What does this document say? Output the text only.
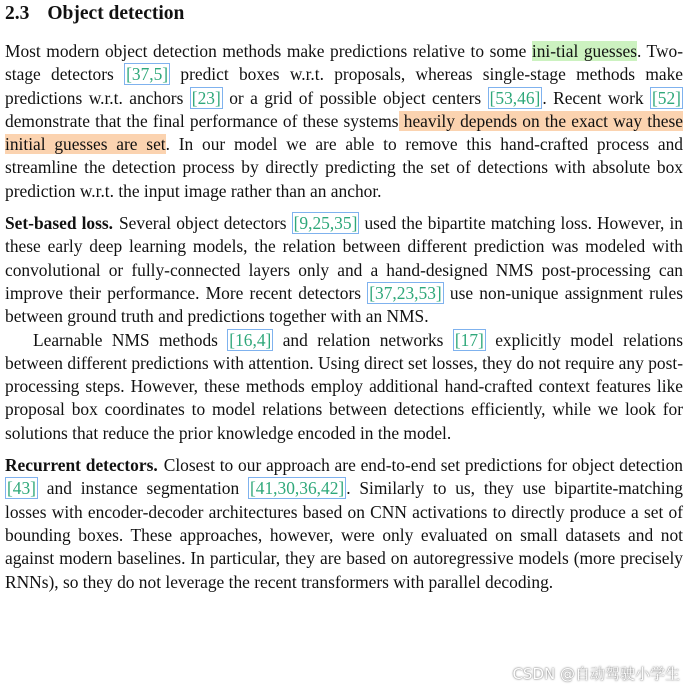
2.3 Object detection

Most modern object detection methods make predictions relative to some ini-tial guesses. Two-stage detectors [37,5] predict boxes w.r.t. proposals, whereas single-stage methods make predictions w.r.t. anchors [23] or a grid of possible object centers [53,46] . Recent work [52] demonstrate that the final performance of these systems heavily depends on the exact way these initial guesses are set. In our model we are able to remove this hand-crafted process and streamline the detection process by directly predicting the set of detections with absolute box prediction w.r.t. the input image rather than an anchor.

Set-based loss. Several object detectors [9,25,35] used the bipartite matching loss. However, in these early deep learning models, the relation between different prediction was modeled with convolutional or fully-connected layers only and a hand-designed NMS post-processing can improve their performance. More recent detectors [37,23,53] use non-unique assignment rules between ground truth and predictions together with an NMS.

Learnable NMS methods [16,4] and relation networks [17] explicitly model relations between different predictions with attention. Using direct set losses, they do not require any post-processing steps. However, these methods employ additional hand-crafted context features like proposal box coordinates to model relations between detections efficiently, while we look for solutions that reduce the prior knowledge encoded in the model.

Recurrent detectors. Closest to our approach are end-to-end set predictions for object detection [43] and instance segmentation [41,30,36,42] . Similarly to us, they use bipartite-matching losses with encoder-decoder architectures based on CNN activations to directly produce a set of bounding boxes. These approaches, however, were only evaluated on small datasets and not against modern baselines. In particular, they are based on autoregressive models (more precisely RNNs), so they do not leverage the recent transformers with parallel decoding.

CSDN @自动驾驶小学生
